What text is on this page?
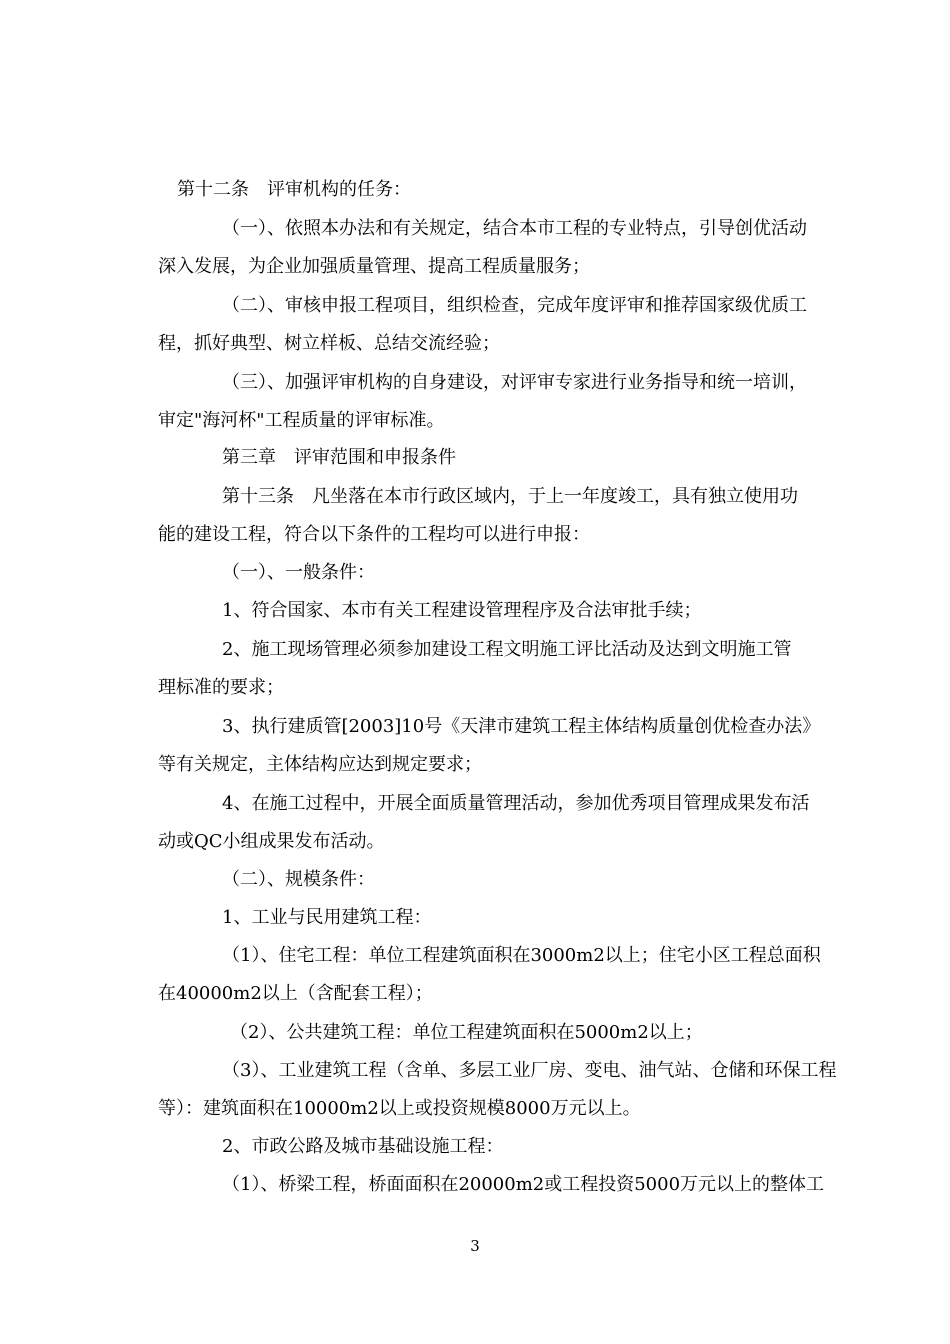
第十二条　评审机构的任务：
（一）、依照本办法和有关规定，结合本市工程的专业特点，引导创优活动
深入发展，为企业加强质量管理、提高工程质量服务；
（二）、审核申报工程项目，组织检查，完成年度评审和推荐国家级优质工
程，抓好典型、树立样板、总结交流经验；
（三）、加强评审机构的自身建设，对评审专家进行业务指导和统一培训，
审定"海河杯"工程质量的评审标准。
第三章　评审范围和申报条件
第十三条　凡坐落在本市行政区域内，于上一年度竣工，具有独立使用功
能的建设工程，符合以下条件的工程均可以进行申报：
（一）、一般条件：
1、符合国家、本市有关工程建设管理程序及合法审批手续；
2、施工现场管理必须参加建设工程文明施工评比活动及达到文明施工管
理标准的要求；
3、执行建质管[2003]10号《天津市建筑工程主体结构质量创优检查办法》
等有关规定，主体结构应达到规定要求；
4、在施工过程中，开展全面质量管理活动，参加优秀项目管理成果发布活
动或QC小组成果发布活动。
（二）、规模条件：
1、工业与民用建筑工程：
（1）、住宅工程：单位工程建筑面积在3000m2以上；住宅小区工程总面积
在40000m2以上（含配套工程）；
（2）、公共建筑工程：单位工程建筑面积在5000m2以上；
（3）、工业建筑工程（含单、多层工业厂房、变电、油气站、仓储和环保工程
等）：建筑面积在10000m2以上或投资规模8000万元以上。
2、市政公路及城市基础设施工程：
（1）、桥梁工程，桥面面积在20000m2或工程投资5000万元以上的整体工
3
